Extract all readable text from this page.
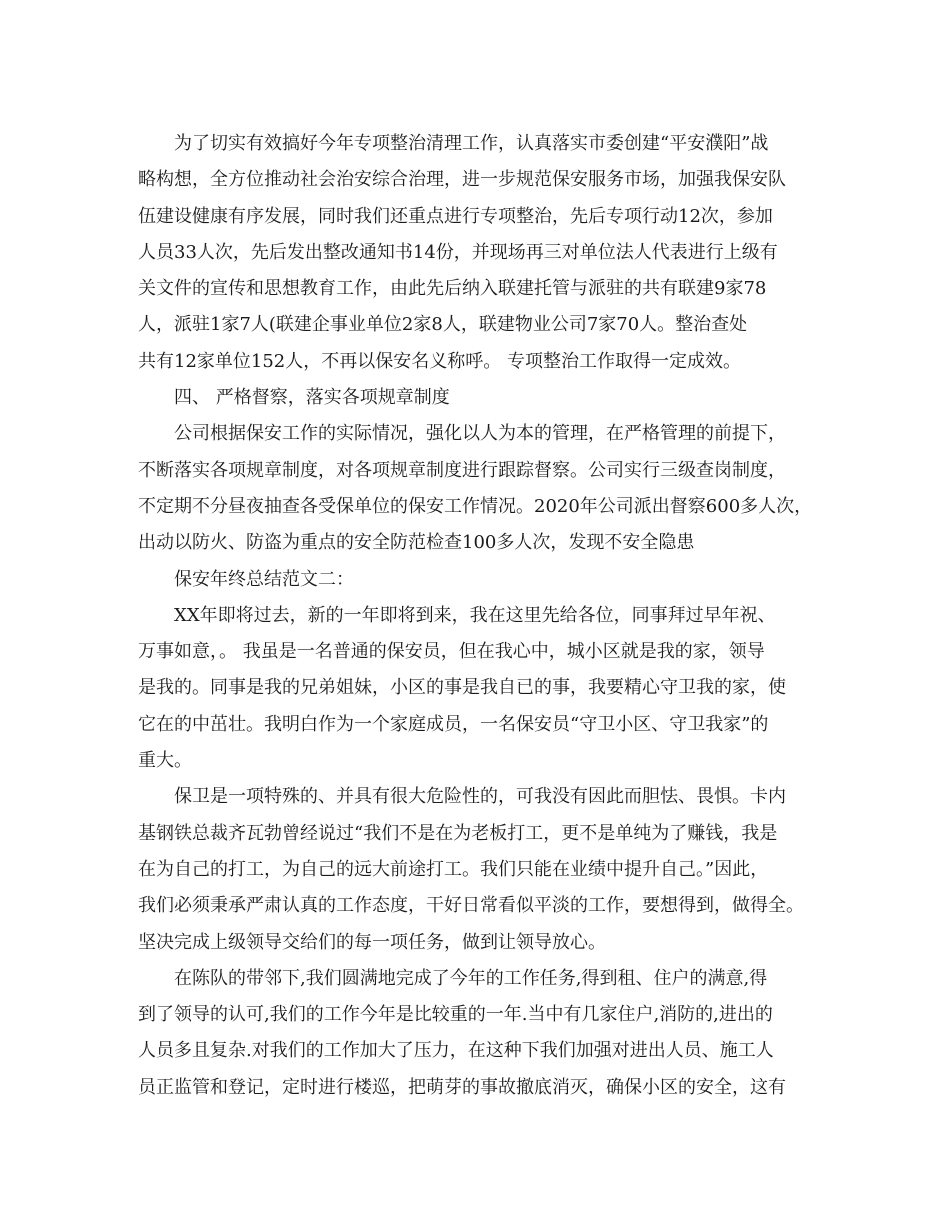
为了切实有效搞好今年专项整治清理工作，认真落实市委创建“平安濮阳”战
略构想，全方位推动社会治安综合治理，进一步规范保安服务市场，加强我保安队
伍建设健康有序发展，同时我们还重点进行专项整治，先后专项行动12次，参加
人员33人次，先后发出整改通知书14份，并现场再三对单位法人代表进行上级有
关文件的宣传和思想教育工作，由此先后纳入联建托管与派驻的共有联建9家78
人，派驻1家7人(联建企事业单位2家8人，联建物业公司7家70人。整治查处
共有12家单位152人，不再以保安名义称呼。 专项整治工作取得一定成效。
四、 严格督察，落实各项规章制度
公司根据保安工作的实际情况，强化以人为本的管理，在严格管理的前提下，
不断落实各项规章制度，对各项规章制度进行跟踪督察。公司实行三级查岗制度，
不定期不分昼夜抽查各受保单位的保安工作情况。2020年公司派出督察600多人次，
出动以防火、防盗为重点的安全防范检查100多人次，发现不安全隐患
保安年终总结范文二：
XX年即将过去，新的一年即将到来，我在这里先给各位，同事拜过早年祝、
万事如意，。 我虽是一名普通的保安员，但在我心中，城小区就是我的家，领导
是我的。同事是我的兄弟姐妹，小区的事是我自已的事，我要精心守卫我的家，使
它在的中茁壮。我明白作为一个家庭成员，一名保安员“守卫小区、守卫我家”的
重大。
保卫是一项特殊的、并具有很大危险性的，可我没有因此而胆怯、畏惧。卡内
基钢铁总裁齐瓦勃曾经说过“我们不是在为老板打工，更不是单纯为了赚钱，我是
在为自己的打工，为自己的远大前途打工。我们只能在业绩中提升自己。”因此，
我们必须秉承严肃认真的工作态度，干好日常看似平淡的工作，要想得到，做得全。
坚决完成上级领导交给们的每一项任务，做到让领导放心。
在陈队的带邻下,我们圆满地完成了今年的工作任务,得到租、住户的满意,得
到了领导的认可,我们的工作今年是比较重的一年.当中有几家住户,消防的,进出的
人员多且复杂.对我们的工作加大了压力，在这种下我们加强对进出人员、施工人
员正监管和登记，定时进行楼巡，把萌芽的事故撤底消灭，确保小区的安全，这有
